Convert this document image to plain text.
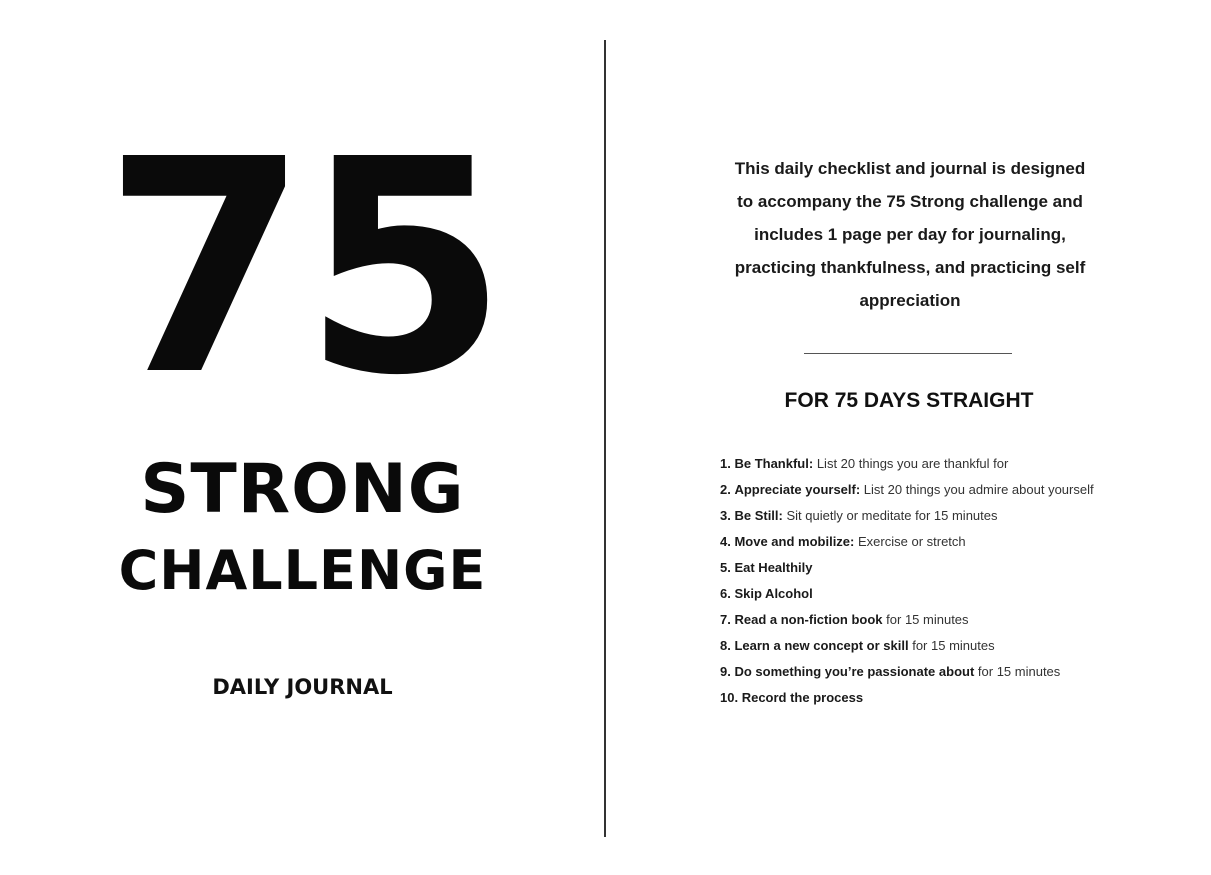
75
STRONG
CHALLENGE
DAILY JOURNAL
This daily checklist and journal is designed to accompany the 75 Strong challenge and includes 1 page per day for journaling, practicing thankfulness, and practicing self appreciation
FOR 75 DAYS STRAIGHT
1. Be Thankful: List 20 things you are thankful for
2. Appreciate yourself: List 20 things you admire about yourself
3. Be Still: Sit quietly or meditate for 15 minutes
4. Move and mobilize: Exercise or stretch
5. Eat Healthily
6. Skip Alcohol
7. Read a non-fiction book for 15 minutes
8. Learn a new concept or skill for 15 minutes
9. Do something you’re passionate about for 15 minutes
10. Record the process
